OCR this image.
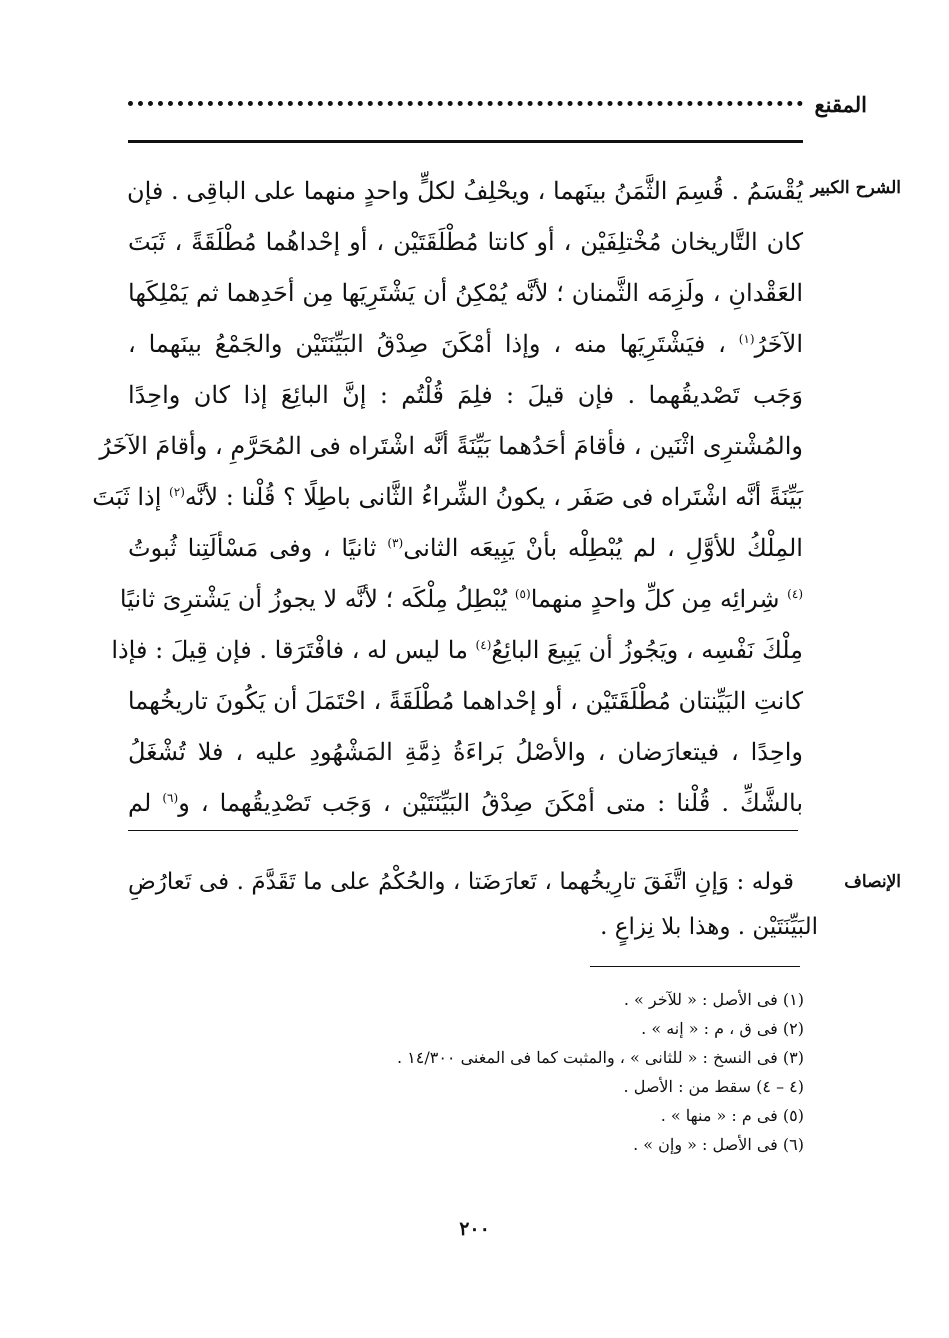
المقنع
الشرح الكبير
يُقْسَمُ . قُسِمَ الثَّمَنُ بينَهما ، ويحْلِفُ لكلٍّ واحدٍ منهما على الباقِى . فإن
كان التَّاريخان مُخْتلِفَيْن ، أو كانتا مُطْلَقَتَيْن ، أو إحْداهُما مُطْلَقَةً ، ثَبَتَ
العَقْدانِ ، ولَزِمَه الثَّمنان ؛ لأنَّه يُمْكِنُ أن يَشْتَرِيَها مِن أحَدِهما ثم يَمْلِكَها
الآخَرُ$^{(١)}$ ، فيَشْتَرِيَها منه ، وإذا أمْكَنَ صِدْقُ البَيِّنَتَيْن والجَمْعُ بينَهما ،
وَجَب تَصْديقُهما . فإن قيلَ : فلِمَ قُلْتُم : إنَّ البائِعَ إذا كان واحِدًا
والمُشْترِى اثْنَين ، فأقامَ أحَدُهما بَيِّنَةً أنَّه اشْتَراه فى المُحَرَّمِ ، وأقامَ الآخَرُ
بَيِّنَةً أنَّه اشْتَراه فى صَفَر ، يكونُ الشِّراءُ الثَّانى باطِلًا ؟ قُلْنا : لأنَّه$^{(٢)}$ إذا ثَبَتَ
المِلْكُ للأوَّلِ ، لم يُبْطِلْه بأنْ يَبِيعَه الثانى$^{(٣)}$ ثانيًا ، وفى مَسْألَتِنا ثُبوتُ
$^{(٤)}$ شِرائِه مِن كلِّ واحدٍ منهما$^{(٥)}$ يُبْطِلُ مِلْكَه ؛ لأنَّه لا يجوزُ أن يَشْترِىَ ثانيًا
مِلْكَ نَفْسِه ، ويَجُوزُ أن يَبِيعَ البائِعُ$^{(٤)}$ ما ليس له ، فافْتَرَقا . فإن قِيلَ : فإذا
كانتِ البَيِّنتان مُطْلَقَتَيْن ، أو إحْداهما مُطْلَقَةً ، احْتَمَلَ أن يَكُونَ تاريخُهما
واحِدًا ، فيتعارَضان ، والأصْلُ بَراءَةُ ذِمَّةِ المَشْهُودِ عليه ، فلا تُشْغَلُ
بالشَّكِّ . قُلْنا : متى أمْكَنَ صِدْقُ البَيِّنَتَيْن ، وَجَب تَصْدِيقُهما ، و$^{(٦)}$ لم
الإنصاف
قوله : وَإنِ اتَّفَقَ تارِيخُهما ، تَعارَضَتا ، والحُكْمُ على ما تَقَدَّمَ . فى تَعارُضِ
البَيِّنَتَيْن . وهذا بلا نِزاعٍ .
(١) فى الأصل : « للآخر » .
(٢) فى ق ، م : « إنه » .
(٣) فى النسخ : « للثانى » ، والمثبت كما فى المغنى ١٤/٣٠٠ .
(٤ – ٤) سقط من : الأصل .
(٥) فى م : « منها » .
(٦) فى الأصل : « وإن » .
٢٠٠
